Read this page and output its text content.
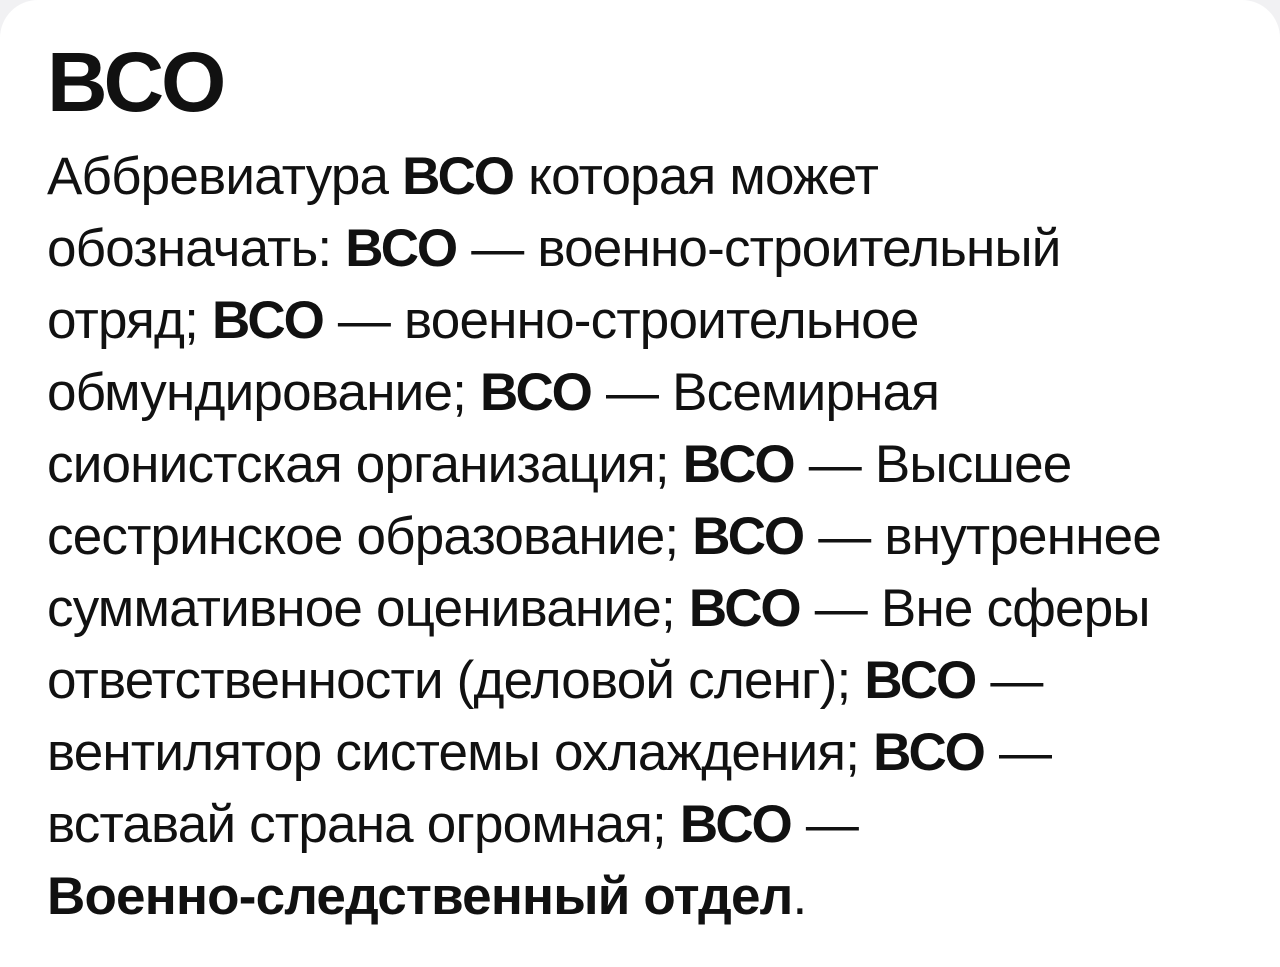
ВСО
Аббревиатура ВСО которая может
обозначать: ВСО — военно-строительный
отряд; ВСО — военно-строительное
обмундирование; ВСО — Всемирная
сионистская организация; ВСО — Высшее
сестринское образование; ВСО — внутреннее
суммативное оценивание; ВСО — Вне сферы
ответственности (деловой сленг); ВСО —
вентилятор системы охлаждения; ВСО —
вставай страна огромная; ВСО —
Военно-следственный отдел.
